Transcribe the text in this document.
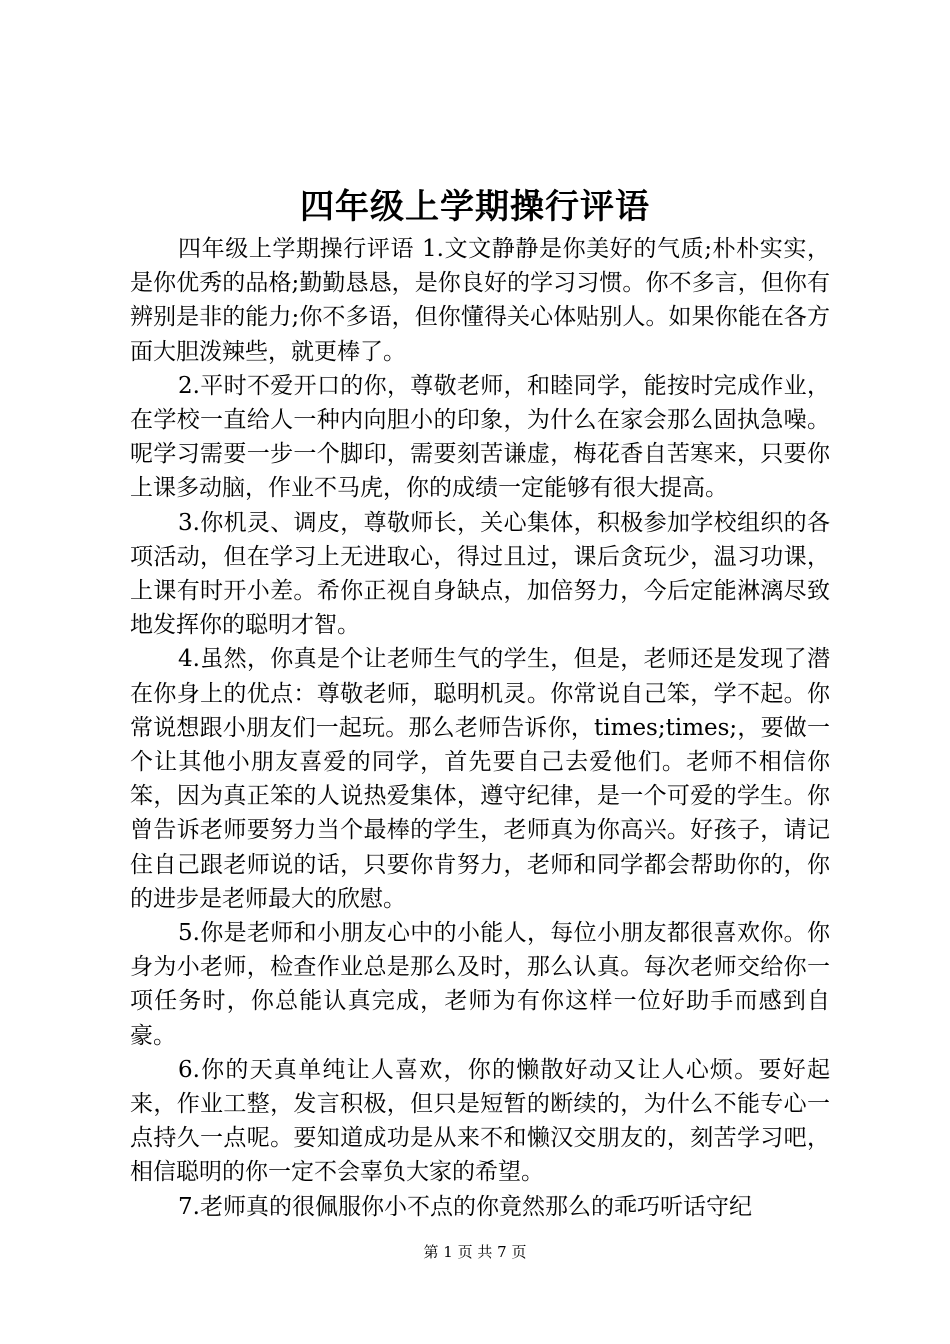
四年级上学期操行评语

四年级上学期操行评语 1.文文静静是你美好的气质;朴朴实实，是你优秀的品格;勤勤恳恳，是你良好的学习习惯。你不多言，但你有辨别是非的能力;你不多语，但你懂得关心体贴别人。如果你能在各方面大胆泼辣些，就更棒了。

2.平时不爱开口的你，尊敬老师，和睦同学，能按时完成作业，在学校一直给人一种内向胆小的印象，为什么在家会那么固执急噪。呢学习需要一步一个脚印，需要刻苦谦虚，梅花香自苦寒来，只要你上课多动脑，作业不马虎，你的成绩一定能够有很大提高。

3.你机灵、调皮，尊敬师长，关心集体，积极参加学校组织的各项活动，但在学习上无进取心，得过且过，课后贪玩少，温习功课，上课有时开小差。希你正视自身缺点，加倍努力，今后定能淋漓尽致地发挥你的聪明才智。

4.虽然，你真是个让老师生气的学生，但是，老师还是发现了潜在你身上的优点：尊敬老师，聪明机灵。你常说自己笨，学不起。你常说想跟小朋友们一起玩。那么老师告诉你，times;times;，要做一个让其他小朋友喜爱的同学，首先要自己去爱他们。老师不相信你笨，因为真正笨的人说热爱集体，遵守纪律，是一个可爱的学生。你曾告诉老师要努力当个最棒的学生，老师真为你高兴。好孩子，请记住自己跟老师说的话，只要你肯努力，老师和同学都会帮助你的，你的进步是老师最大的欣慰。

5.你是老师和小朋友心中的小能人，每位小朋友都很喜欢你。你身为小老师，检查作业总是那么及时，那么认真。每次老师交给你一项任务时，你总能认真完成，老师为有你这样一位好助手而感到自豪。

6.你的天真单纯让人喜欢，你的懒散好动又让人心烦。要好起来，作业工整，发言积极，但只是短暂的断续的，为什么不能专心一点持久一点呢。要知道成功是从来不和懒汉交朋友的，刻苦学习吧，相信聪明的你一定不会辜负大家的希望。

7.老师真的很佩服你小不点的你竟然那么的乖巧听话守纪

第 1 页 共 7 页
